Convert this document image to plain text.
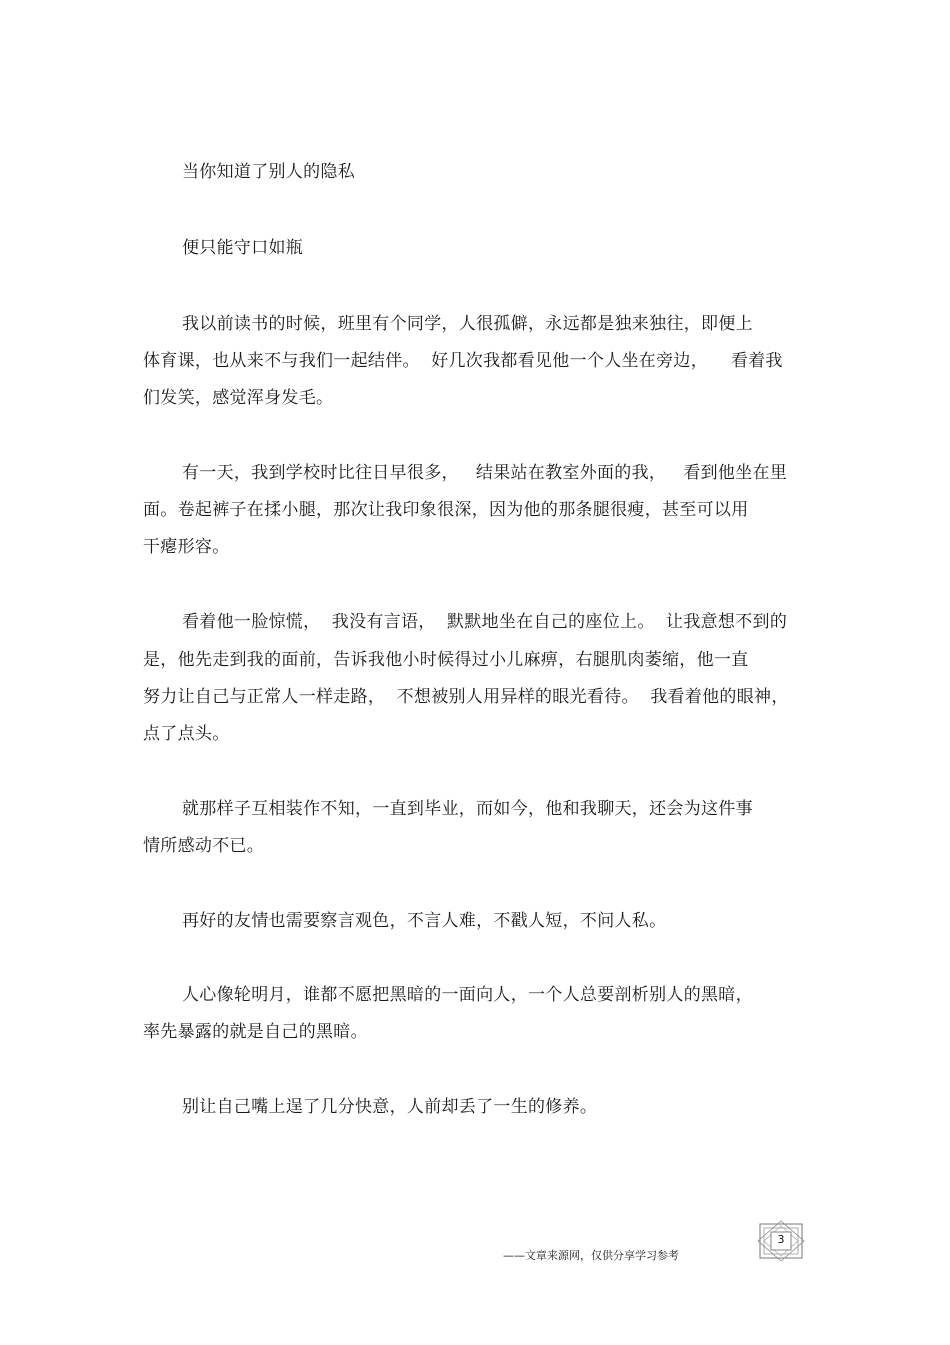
当你知道了别人的隐私
便只能守口如瓶
我以前读书的时候，班里有个同学，人很孤僻，永远都是独来独往，即便上
体育课，也从来不与我们一起结伴。  好几次我都看见他一个人坐在旁边，    看着我
们发笑，感觉浑身发毛。
有一天，我到学校时比往日早很多，   结果站在教室外面的我，   看到他坐在里
面。卷起裤子在揉小腿，那次让我印象很深，因为他的那条腿很瘦，甚至可以用
干瘪形容。
看着他一脸惊慌，  我没有言语，  默默地坐在自己的座位上。  让我意想不到的
是，他先走到我的面前，告诉我他小时候得过小儿麻痹，右腿肌肉萎缩，他一直
努力让自己与正常人一样走路，  不想被别人用异样的眼光看待。  我看着他的眼神，
点了点头。
就那样子互相装作不知，一直到毕业，而如今，他和我聊天，还会为这件事
情所感动不已。
再好的友情也需要察言观色，不言人难，不戳人短，不问人私。
人心像轮明月，谁都不愿把黑暗的一面向人，一个人总要剖析别人的黑暗，
率先暴露的就是自己的黑暗。
别让自己嘴上逞了几分快意，人前却丢了一生的修养。
——文章来源网，仅供分享学习参考
3
